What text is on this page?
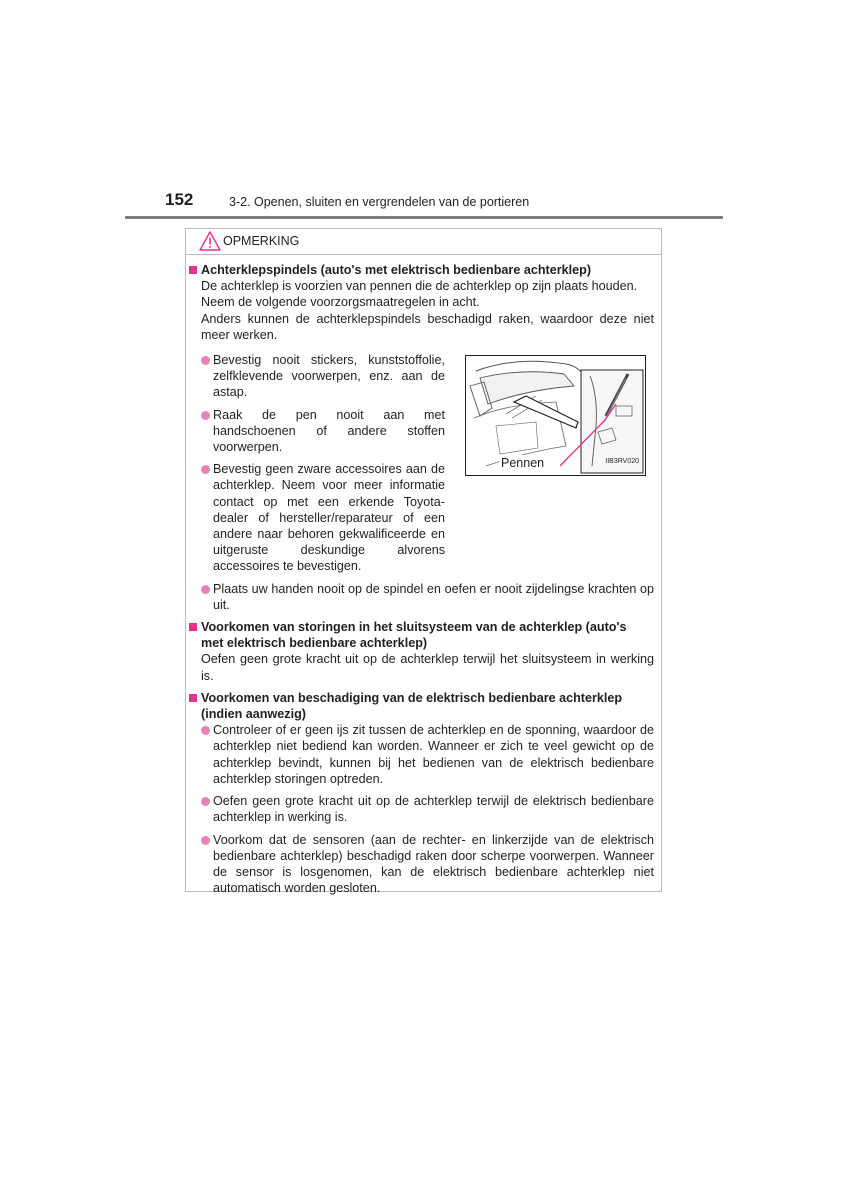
152	3-2. Openen, sluiten en vergrendelen van de portieren
OPMERKING
Achterklepspindels (auto's met elektrisch bedienbare achterklep)
De achterklep is voorzien van pennen die de achterklep op zijn plaats houden.
Neem de volgende voorzorgsmaatregelen in acht.
Anders kunnen de achterklepspindels beschadigd raken, waardoor deze niet meer werken.
Bevestig nooit stickers, kunststoffolie, zelfklevende voorwerpen, enz. aan de astap.
Raak de pen nooit aan met handschoenen of andere stoffen voorwerpen.
Bevestig geen zware accessoires aan de achterklep. Neem voor meer informatie contact op met een erkende Toyota-dealer of hersteller/reparateur of een andere naar behoren gekwalificeerde en uitgeruste deskundige alvorens accessoires te bevestigen.
Pennen	IIB3RV020
Plaats uw handen nooit op de spindel en oefen er nooit zijdelingse krachten op uit.
Voorkomen van storingen in het sluitsysteem van de achterklep (auto's met elektrisch bedienbare achterklep)
Oefen geen grote kracht uit op de achterklep terwijl het sluitsysteem in werking is.
Voorkomen van beschadiging van de elektrisch bedienbare achterklep (indien aanwezig)
Controleer of er geen ijs zit tussen de achterklep en de sponning, waardoor de achterklep niet bediend kan worden. Wanneer er zich te veel gewicht op de achterklep bevindt, kunnen bij het bedienen van de elektrisch bedienbare achterklep storingen optreden.
Oefen geen grote kracht uit op de achterklep terwijl de elektrisch bedienbare achterklep in werking is.
Voorkom dat de sensoren (aan de rechter- en linkerzijde van de elektrisch bedienbare achterklep) beschadigd raken door scherpe voorwerpen. Wanneer de sensor is losgenomen, kan de elektrisch bedienbare achterklep niet automatisch worden gesloten.
